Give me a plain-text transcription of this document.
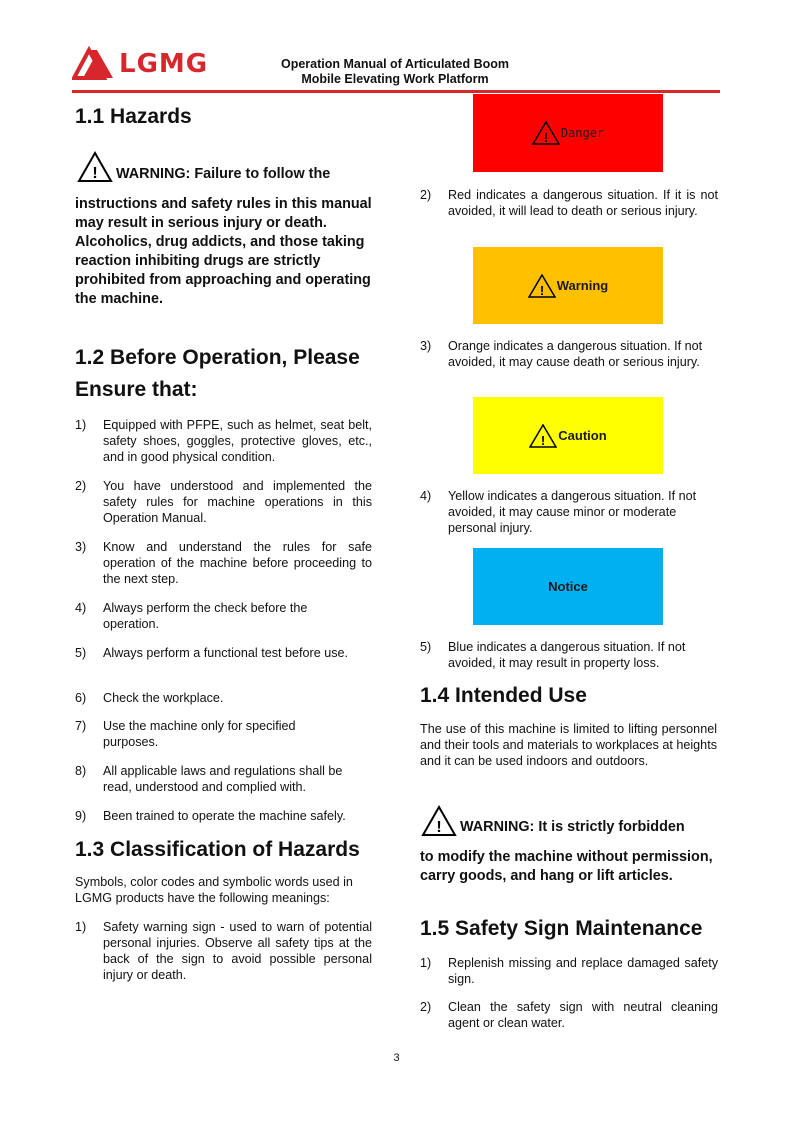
LGMG	Operation Manual of Articulated Boom
Mobile Elevating Work Platform
1.1 Hazards
! WARNING: Failure to follow the
instructions and safety rules in this manual may result in serious injury or death. Alcoholics, drug addicts, and those taking reaction inhibiting drugs are strictly prohibited from approaching and operating the machine.
1.2 Before Operation, Please
Ensure that:
1) Equipped with PFPE, such as helmet, seat belt, safety shoes, goggles, protective gloves, etc., and in good physical condition.
2) You have understood and implemented the safety rules for machine operations in this Operation Manual.
3) Know and understand the rules for safe operation of the machine before proceeding to the next step.
4) Always perform the check before the operation.
5) Always perform a functional test before use.
6) Check the workplace.
7) Use the machine only for specified purposes.
8) All applicable laws and regulations shall be read, understood and complied with.
9) Been trained to operate the machine safely.
1.3 Classification of Hazards
Symbols, color codes and symbolic words used in LGMG products have the following meanings:
1) Safety warning sign - used to warn of potential personal injuries. Observe all safety tips at the back of the sign to avoid possible personal injury or death.
! Danger
2) Red indicates a dangerous situation. If it is not avoided, it will lead to death or serious injury.
! Warning
3) Orange indicates a dangerous situation. If not avoided, it may cause death or serious injury.
! Caution
4) Yellow indicates a dangerous situation. If not avoided, it may cause minor or moderate personal injury.
Notice
5) Blue indicates a dangerous situation. If not avoided, it may result in property loss.
1.4 Intended Use
The use of this machine is limited to lifting personnel and their tools and materials to workplaces at heights and it can be used indoors and outdoors.
! WARNING: It is strictly forbidden
to modify the machine without permission, carry goods, and hang or lift articles.
1.5 Safety Sign Maintenance
1) Replenish missing and replace damaged safety sign.
2) Clean the safety sign with neutral cleaning agent or clean water.
3
